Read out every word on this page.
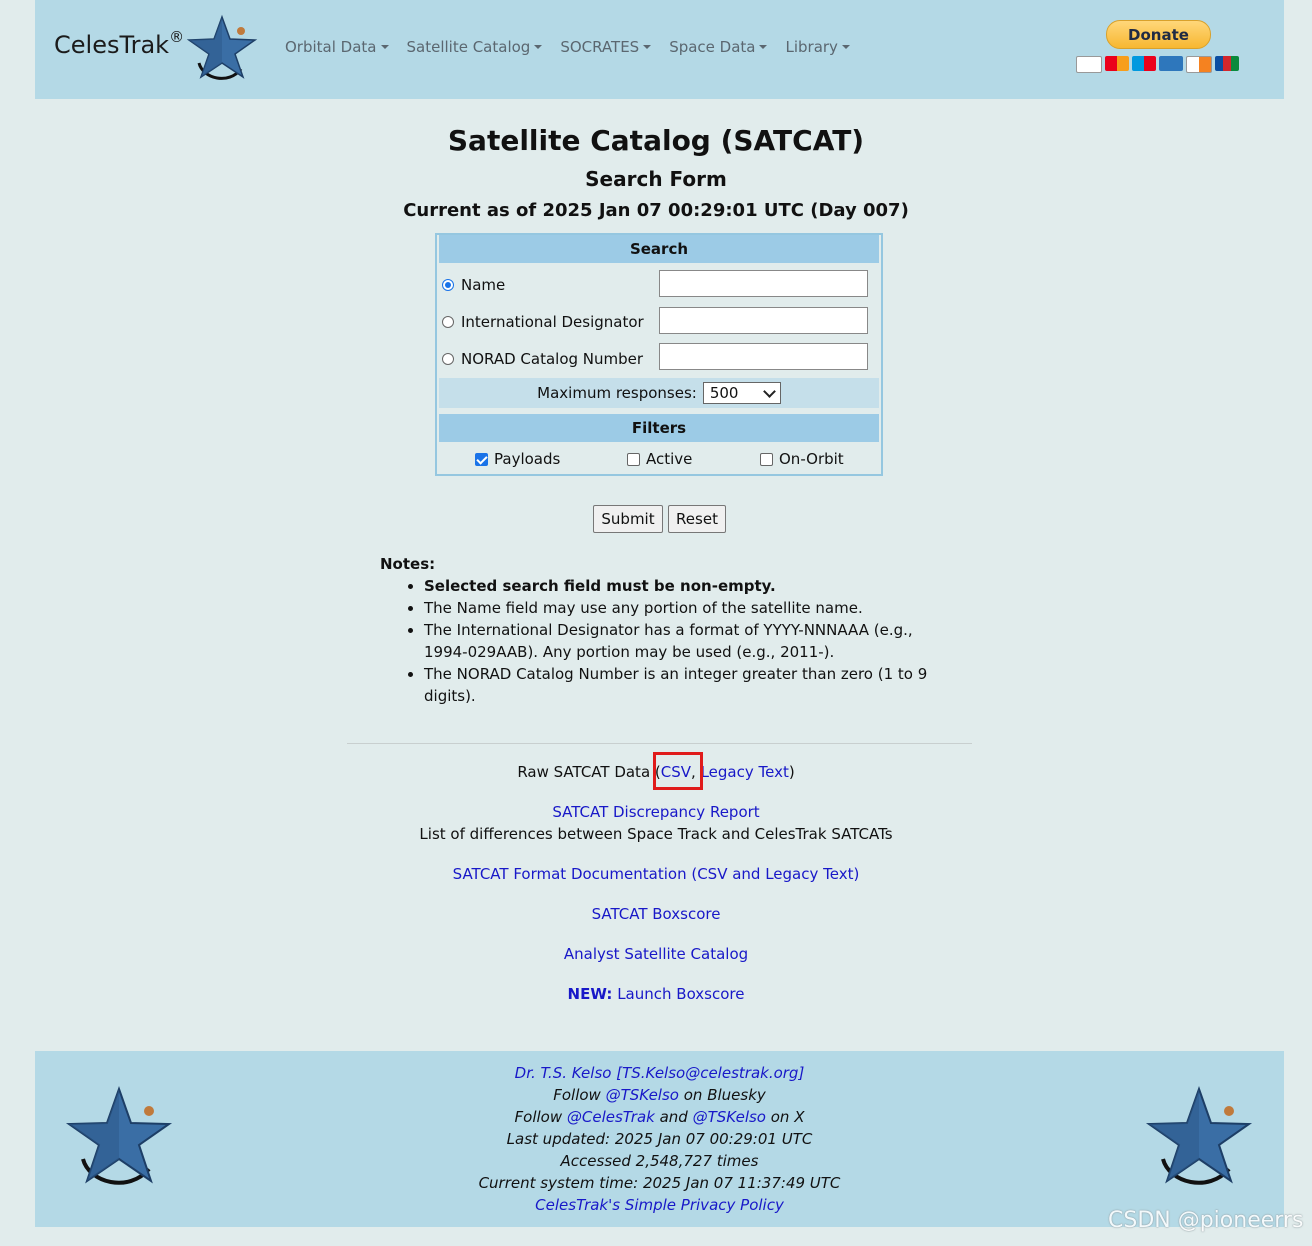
CelesTrak®
Orbital Data	Satellite Catalog	SOCRATES	Space Data	Library
Donate
Satellite Catalog (SATCAT)
Search Form
Current as of 2025 Jan 07 00:29:01 UTC (Day 007)
Search
Name
International Designator
NORAD Catalog Number
Maximum responses: 500
Filters
Payloads	Active	On-Orbit
Submit	Reset
Notes:
• Selected search field must be non-empty.
• The Name field may use any portion of the satellite name.
• The International Designator has a format of YYYY-NNNAAA (e.g., 1994-029AAB). Any portion may be used (e.g., 2011-).
• The NORAD Catalog Number is an integer greater than zero (1 to 9 digits).
Raw SATCAT Data (CSV, Legacy Text)
SATCAT Discrepancy Report
List of differences between Space Track and CelesTrak SATCATs
SATCAT Format Documentation (CSV and Legacy Text)
SATCAT Boxscore
Analyst Satellite Catalog
NEW: Launch Boxscore
Dr. T.S. Kelso [TS.Kelso@celestrak.org]
Follow @TSKelso on Bluesky
Follow @CelesTrak and @TSKelso on X
Last updated: 2025 Jan 07 00:29:01 UTC
Accessed 2,548,727 times
Current system time: 2025 Jan 07 11:37:49 UTC
CelesTrak's Simple Privacy Policy
CSDN @pioneerrs
